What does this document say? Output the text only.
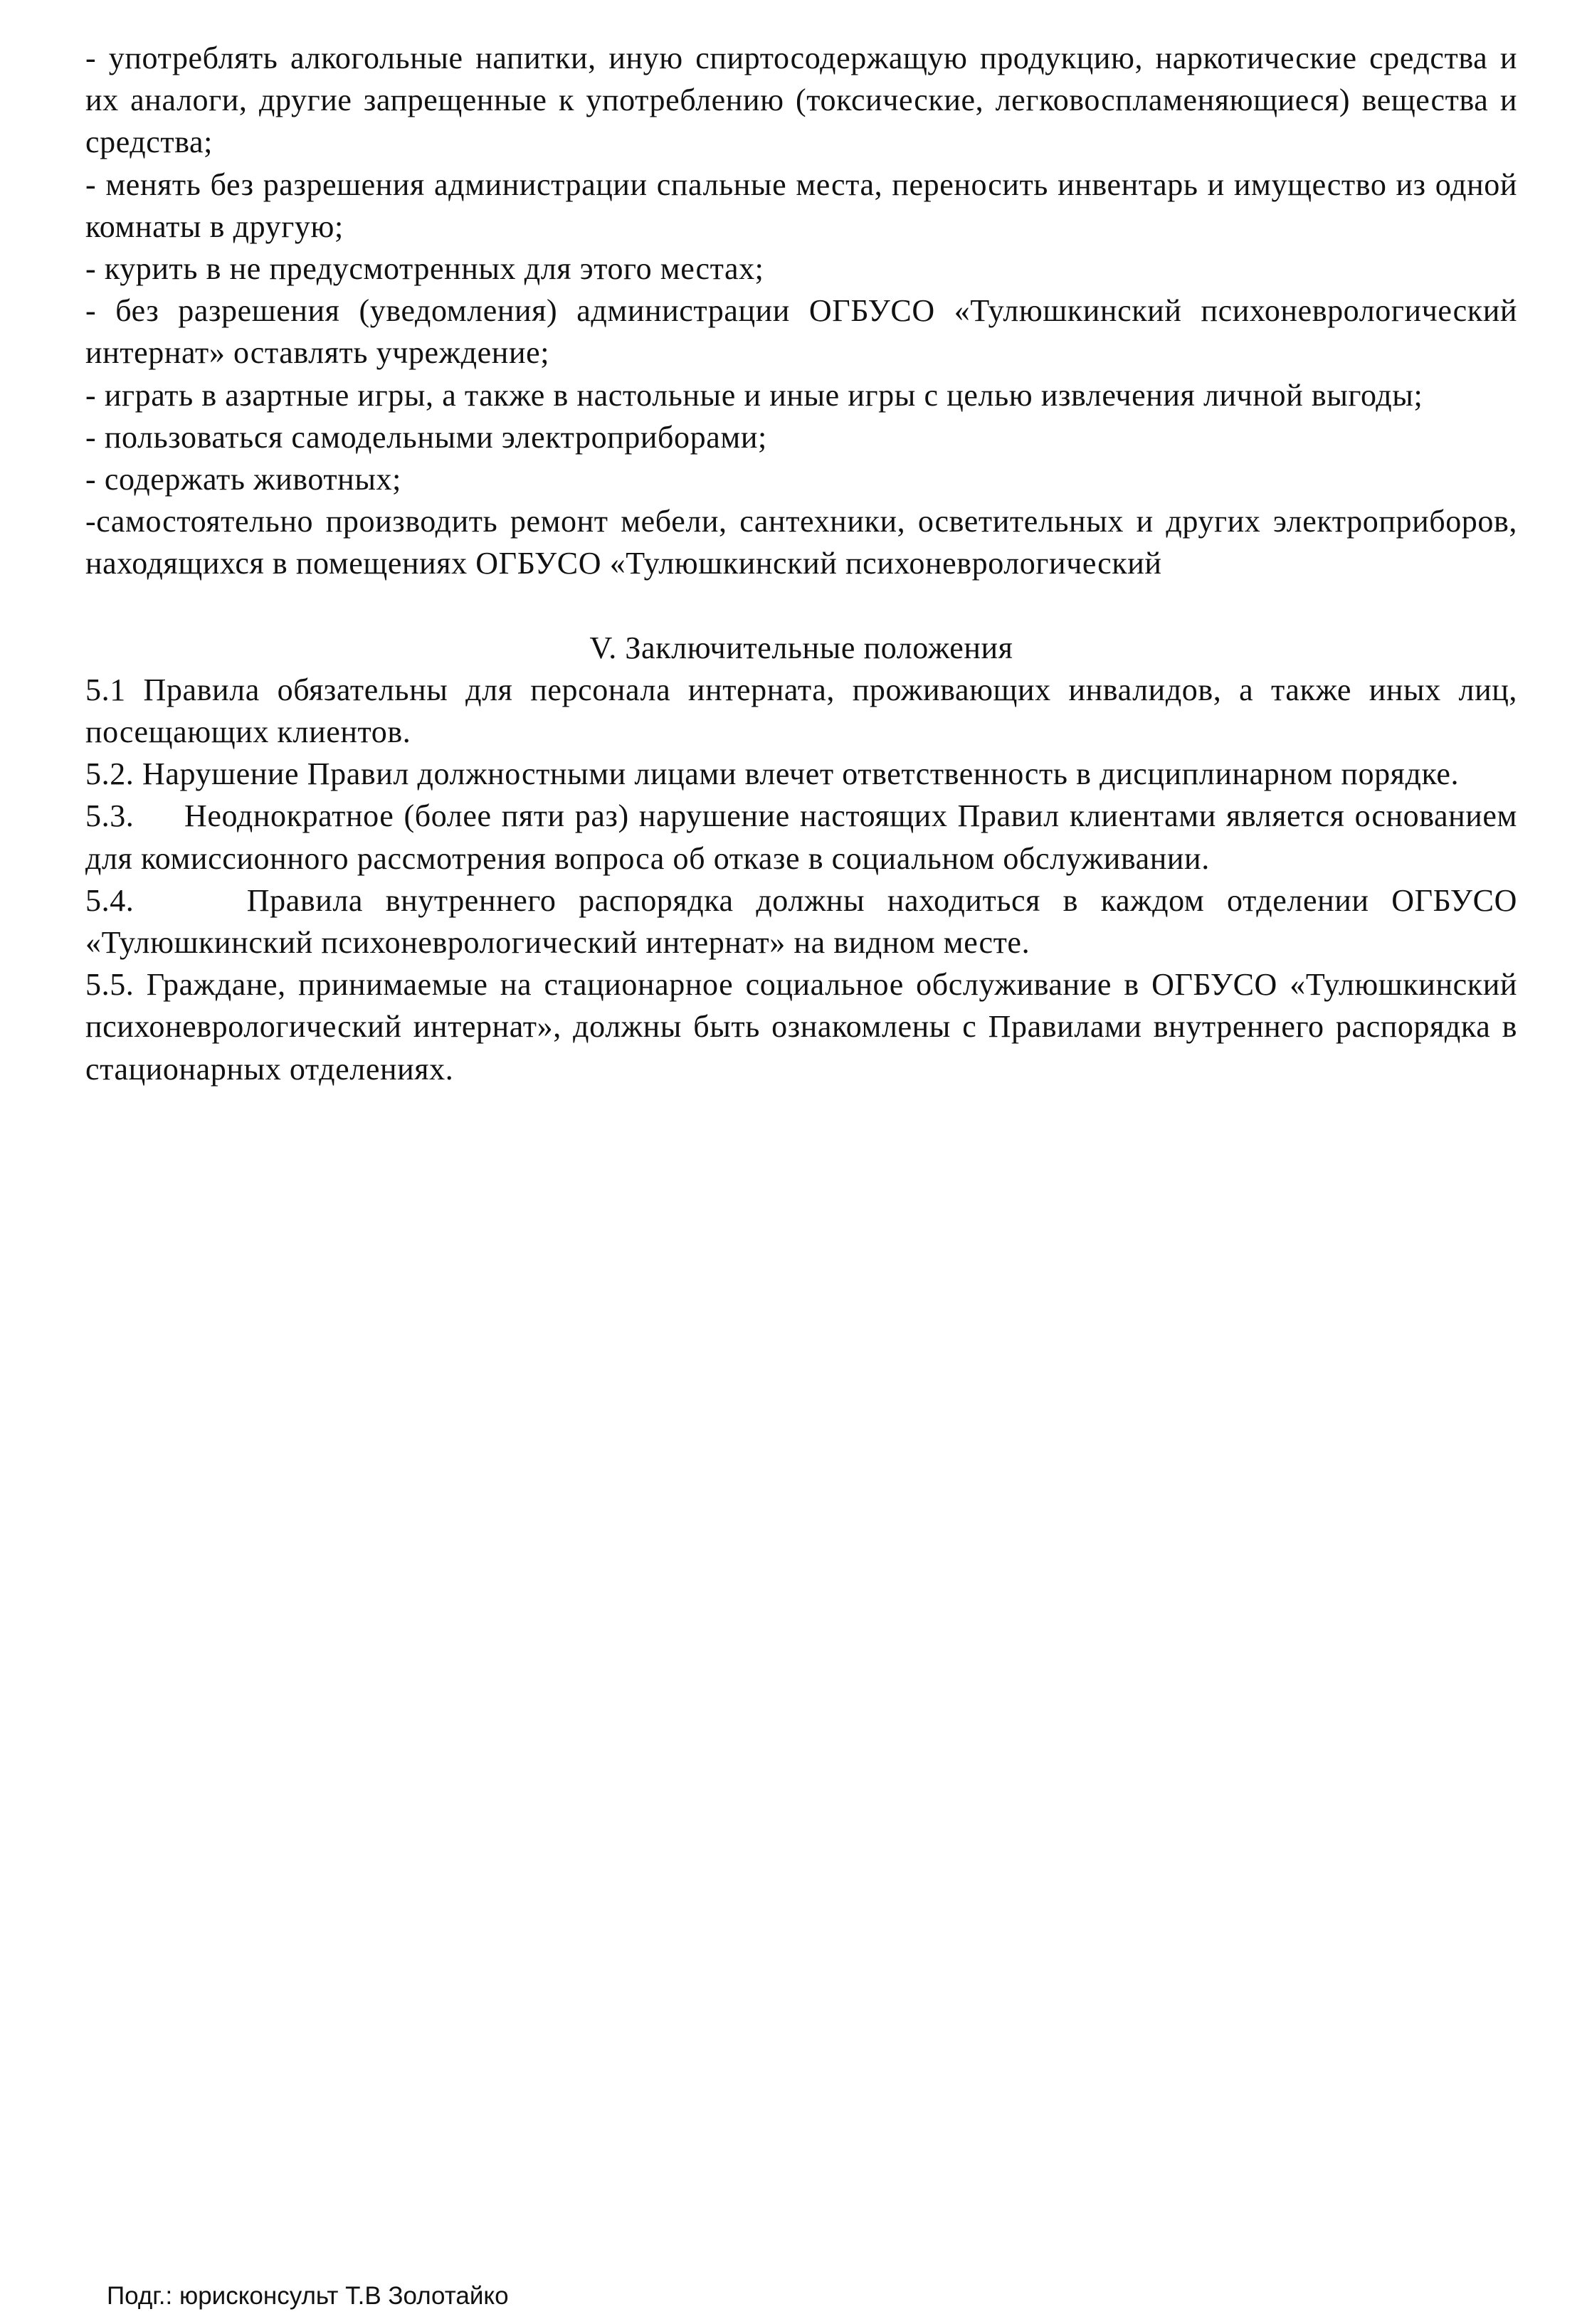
- употреблять алкогольные напитки, иную спиртосодержащую продукцию, наркотические средства и их аналоги, другие запрещенные к употреблению (токсические, легковоспламеняющиеся) вещества и средства;

- менять без разрешения администрации спальные места, переносить инвентарь и имущество из одной комнаты в другую;

- курить в не предусмотренных для этого местах;

- без разрешения (уведомления) администрации ОГБУСО «Тулюшкинский психоневрологический интернат» оставлять учреждение;

- играть в азартные игры, а также в настольные и иные игры с целью извлечения личной выгоды;

- пользоваться самодельными электроприборами;

- содержать животных;

-самостоятельно производить ремонт мебели, сантехники, осветительных и других электроприборов, находящихся в помещениях ОГБУСО «Тулюшкинский психоневрологический

V. Заключительные положения

5.1 Правила обязательны для персонала интерната, проживающих инвалидов, а также иных лиц, посещающих клиентов.

5.2. Нарушение Правил должностными лицами влечет ответственность в дисциплинарном порядке.

5.3.     Неоднократное (более пяти раз) нарушение настоящих Правил клиентами является основанием для комиссионного рассмотрения вопроса об отказе в социальном обслуживании.

5.4.     Правила внутреннего распорядка должны находиться в каждом отделении ОГБУСО «Тулюшкинский психоневрологический интернат» на видном месте.

5.5. Граждане, принимаемые на стационарное социальное обслуживание в ОГБУСО «Тулюшкинский психоневрологический интернат», должны быть ознакомлены с Правилами внутреннего распорядка в стационарных отделениях.

Подг.: юрисконсульт Т.В Золотайко
